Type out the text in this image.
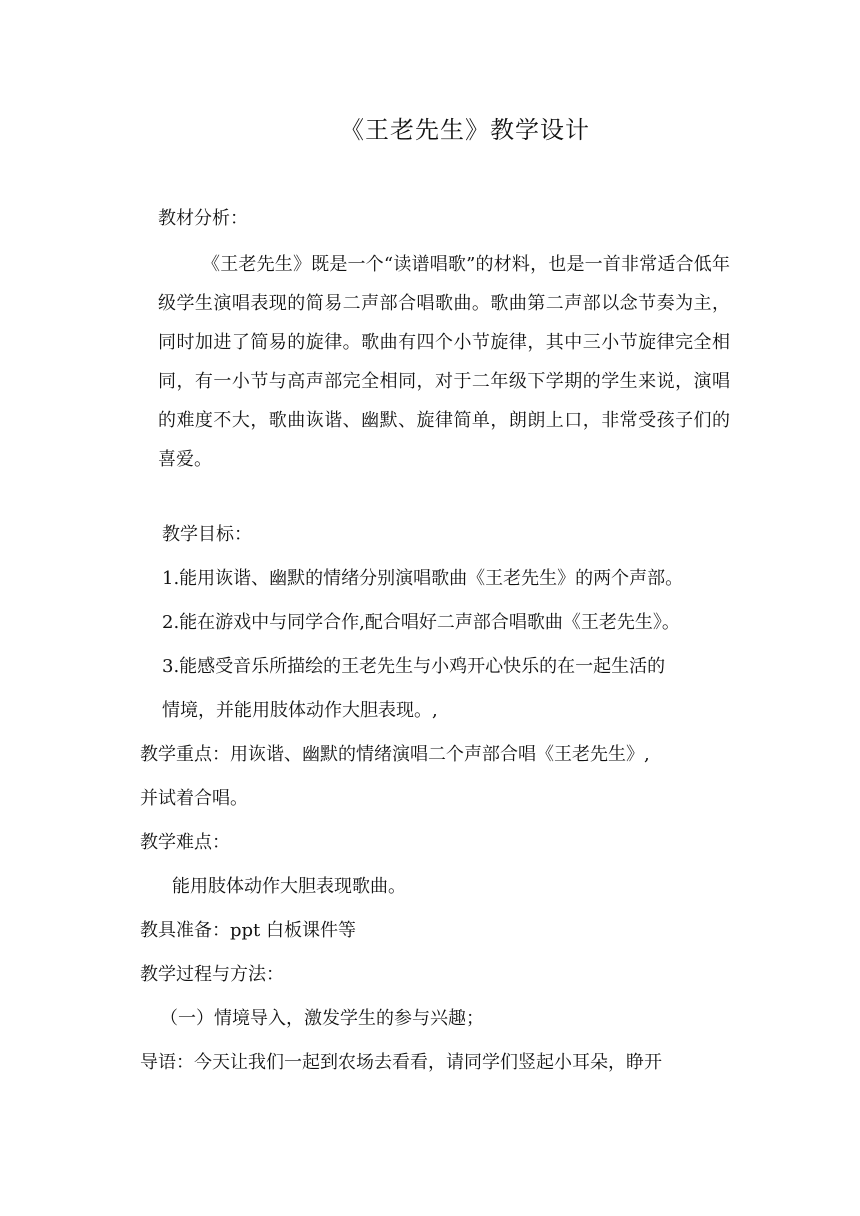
《王老先生》教学设计
教材分析：
《王老先生》既是一个“读谱唱歌”的材料，也是一首非常适合低年级学生演唱表现的简易二声部合唱歌曲。歌曲第二声部以念节奏为主，同时加进了简易的旋律。歌曲有四个小节旋律，其中三小节旋律完全相同，有一小节与高声部完全相同，对于二年级下学期的学生来说，演唱的难度不大，歌曲诙谐、幽默、旋律简单，朗朗上口，非常受孩子们的喜爱。
教学目标：
1.能用诙谐、幽默的情绪分别演唱歌曲《王老先生》的两个声部。
2.能在游戏中与同学合作,配合唱好二声部合唱歌曲《王老先生》。
3.能感受音乐所描绘的王老先生与小鸡开心快乐的在一起生活的
情境，并能用肢体动作大胆表现。,
教学重点：用诙谐、幽默的情绪演唱二个声部合唱《王老先生》,
并试着合唱。
教学难点：
能用肢体动作大胆表现歌曲。
教具准备：ppt 白板课件等
教学过程与方法：
（一）情境导入，激发学生的参与兴趣；
导语：今天让我们一起到农场去看看，请同学们竖起小耳朵，睁开
